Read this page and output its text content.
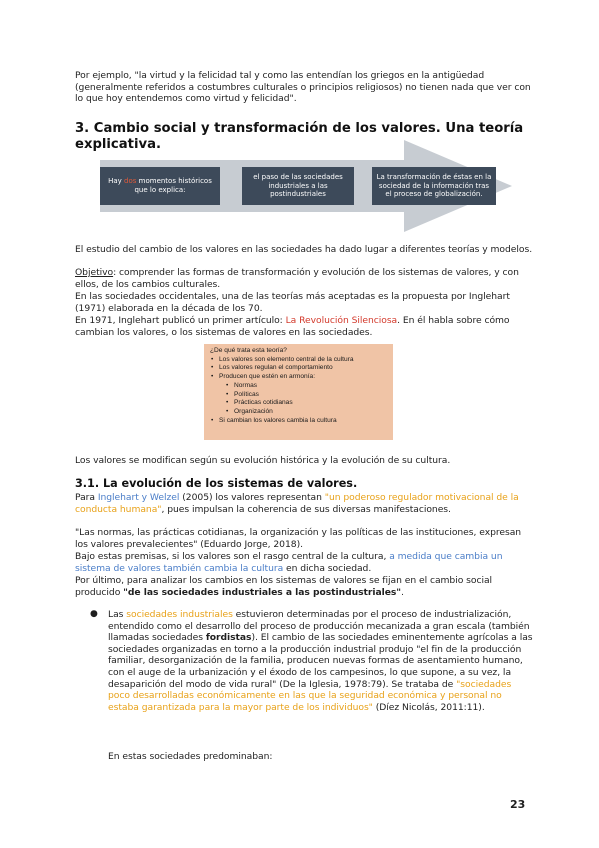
Por ejemplo, "la virtud y la felicidad tal y como las entendían los griegos en la antigüedad (generalmente referidos a costumbres culturales o principios religiosos) no tienen nada que ver con lo que hoy entendemos como virtud y felicidad".
3. Cambio social y transformación de los valores. Una teoría explicativa.
Hay dos momentos históricos que lo explica:
el paso de las sociedades industriales a las postindustriales
La transformación de éstas en la sociedad de la información tras el proceso de globalización.
El estudio del cambio de los valores en las sociedades ha dado lugar a diferentes teorías y modelos.
Objetivo: comprender las formas de transformación y evolución de los sistemas de valores, y con ellos, de los cambios culturales.
En las sociedades occidentales, una de las teorías más aceptadas es la propuesta por Inglehart (1971) elaborada en la década de los 70.
En 1971, Inglehart publicó un primer artículo: La Revolución Silenciosa. En él habla sobre cómo cambian los valores, o los sistemas de valores en las sociedades.
¿De qué trata esta teoría?
• Los valores son elemento central de la cultura
• Los valores regulan el comportamiento
• Producen que estén en armonía:
• Normas
• Políticas
• Prácticas cotidianas
• Organización
• Si cambian los valores cambia la cultura
Los valores se modifican según su evolución histórica y la evolución de su cultura.
3.1. La evolución de los sistemas de valores.
Para Inglehart y Welzel (2005) los valores representan "un poderoso regulador motivacional de la conducta humana", pues impulsan la coherencia de sus diversas manifestaciones.
"Las normas, las prácticas cotidianas, la organización y las políticas de las instituciones, expresan los valores prevalecientes" (Eduardo Jorge, 2018).
Bajo estas premisas, si los valores son el rasgo central de la cultura, a medida que cambia un sistema de valores también cambia la cultura en dicha sociedad.
Por último, para analizar los cambios en los sistemas de valores se fijan en el cambio social producido "de las sociedades industriales a las postindustriales".
● Las sociedades industriales estuvieron determinadas por el proceso de industrialización, entendido como el desarrollo del proceso de producción mecanizada a gran escala (también llamadas sociedades fordistas). El cambio de las sociedades eminentemente agrícolas a las sociedades organizadas en torno a la producción industrial produjo "el fin de la producción familiar, desorganización de la familia, producen nuevas formas de asentamiento humano, con el auge de la urbanización y el éxodo de los campesinos, lo que supone, a su vez, la desaparición del modo de vida rural" (De la Iglesia, 1978:79). Se trataba de "sociedades poco desarrolladas económicamente en las que la seguridad económica y personal no estaba garantizada para la mayor parte de los individuos" (Díez Nicolás, 2011:11).
En estas sociedades predominaban:
23
